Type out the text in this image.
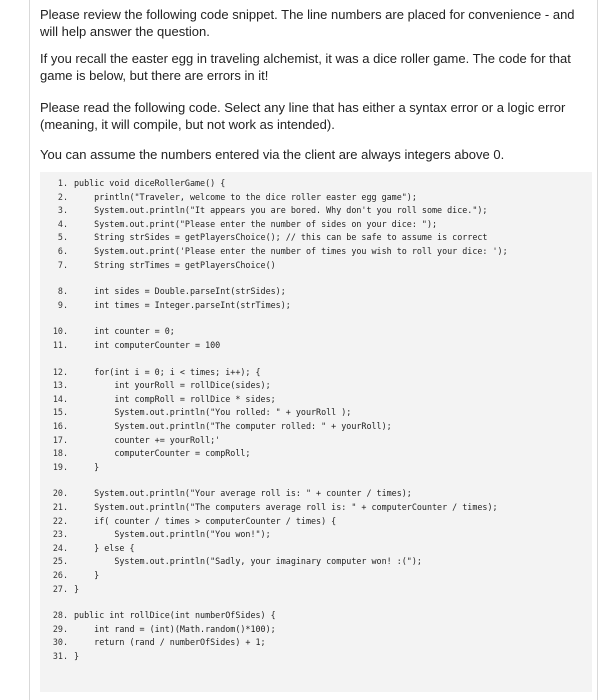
Please review the following code snippet. The line numbers are placed for convenience - and will help answer the question.
If you recall the easter egg in traveling alchemist, it was a dice roller game. The code for that game is below, but there are errors in it!
Please read the following code. Select any line that has either a syntax error or a logic error (meaning, it will compile, but not work as intended).
You can assume the numbers entered via the client are always integers above 0.
1. public void diceRollerGame() {
2.    println("Traveler, welcome to the dice roller easter egg game");
3.    System.out.println("It appears you are bored. Why don't you roll some dice.");
4.    System.out.print("Please enter the number of sides on your dice: ");
5.    String strSides = getPlayersChoice(); // this can be safe to assume is correct
6.    System.out.print('Please enter the number of times you wish to roll your dice: ');
7.    String strTimes = getPlayersChoice()
8.    int sides = Double.parseInt(strSides);
9.    int times = Integer.parseInt(strTimes);
10.    int counter = 0;
11.    int computerCounter = 100
12.    for(int i = 0; i < times; i++); {
13.        int yourRoll = rollDice(sides);
14.        int compRoll = rollDice * sides;
15.        System.out.println("You rolled: " + yourRoll );
16.        System.out.println("The computer rolled: " + yourRoll);
17.        counter += yourRoll;'
18.        computerCounter = compRoll;
19.    }
20.    System.out.println("Your average roll is: " + counter / times);
21.    System.out.println("The computers average roll is: " + computerCounter / times);
22.    if( counter / times > computerCounter / times) {
23.        System.out.println("You won!");
24.    } else {
25.        System.out.println("Sadly, your imaginary computer won! :(");
26.    }
27. }
28. public int rollDice(int numberOfSides) {
29.    int rand = (int)(Math.random()*100);
30.    return (rand / numberOfSides) + 1;
31. }
